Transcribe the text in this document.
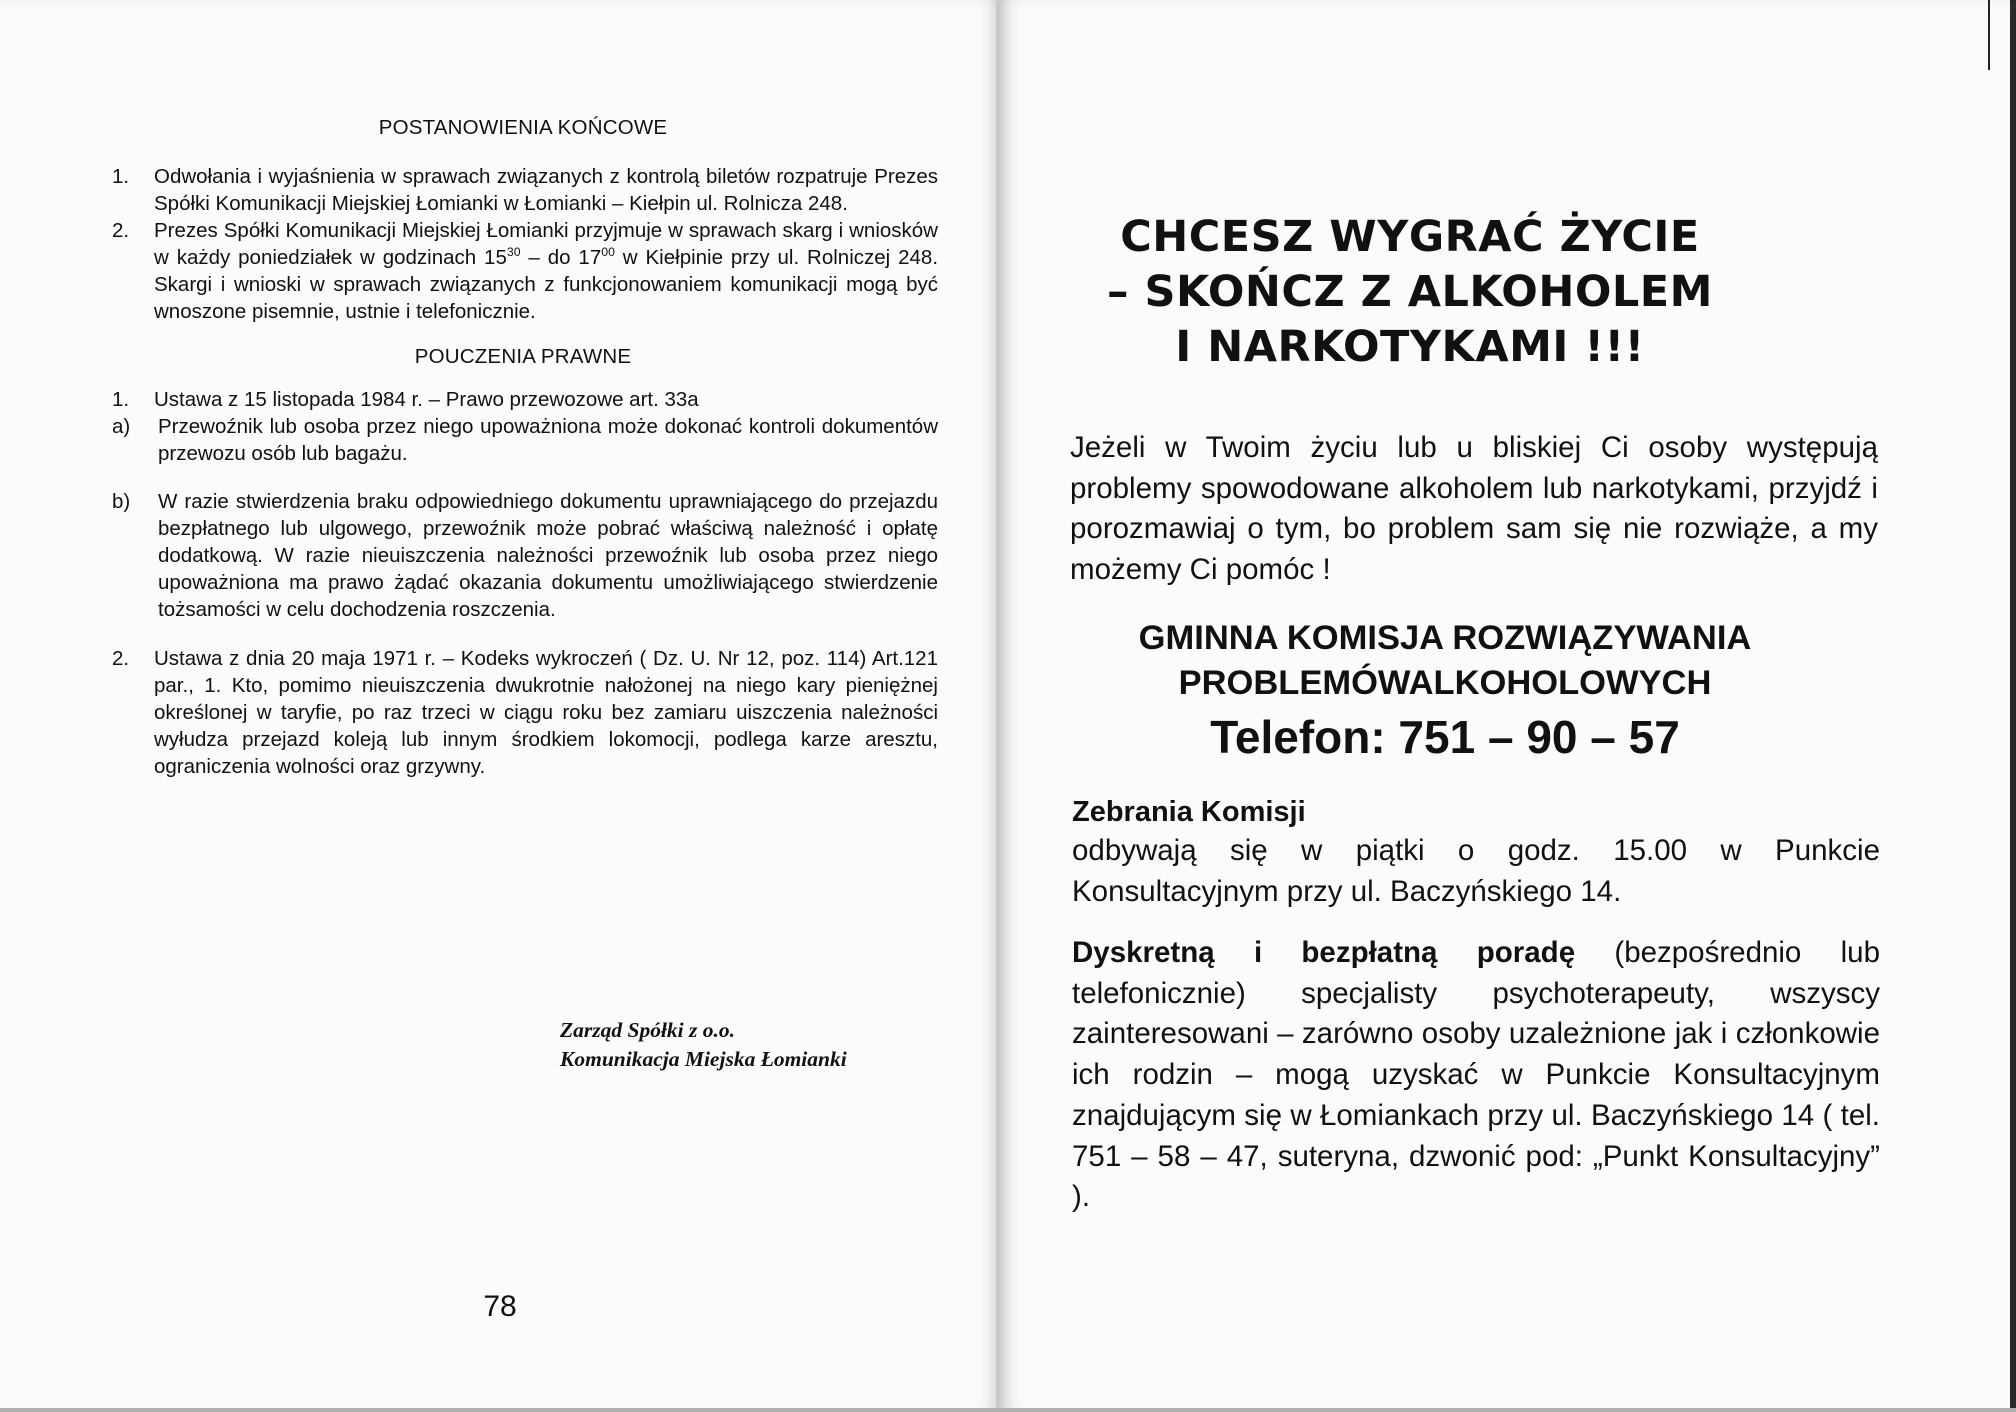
POSTANOWIENIA KOŃCOWE

1. Odwołania i wyjaśnienia w sprawach związanych z kontrolą biletów rozpatruje Prezes Spółki Komunikacji Miejskiej Łomianki w Łomianki – Kiełpin ul. Rolnicza 248.
2. Prezes Spółki Komunikacji Miejskiej Łomianki przyjmuje w sprawach skarg i wniosków w każdy poniedziałek w godzinach $15^{30}$ – do $17^{00}$ w Kiełpinie przy ul. Rolniczej 248. Skargi i wnioski w sprawach związanych z funkcjonowaniem komunikacji mogą być wnoszone pisemnie, ustnie i telefonicznie.

POUCZENIA PRAWNE

1. Ustawa z 15 listopada 1984 r. – Prawo przewozowe art. 33a
a) Przewoźnik lub osoba przez niego upoważniona może dokonać kontroli dokumentów przewozu osób lub bagażu.
b) W razie stwierdzenia braku odpowiedniego dokumentu uprawniającego do przejazdu bezpłatnego lub ulgowego, przewoźnik może pobrać właściwą należność i opłatę dodatkową. W razie nieuiszczenia należności przewoźnik lub osoba przez niego upoważniona ma prawo żądać okazania dokumentu umożliwiającego stwierdzenie tożsamości w celu dochodzenia roszczenia.
2. Ustawa z dnia 20 maja 1971 r. – Kodeks wykroczeń ( Dz. U. Nr 12, poz. 114) Art.121 par., 1. Kto, pomimo nieuiszczenia dwukrotnie nałożonej na niego kary pieniężnej określonej w taryfie, po raz trzeci w ciągu roku bez zamiaru uiszczenia należności wyłudza przejazd koleją lub innym środkiem lokomocji, podlega karze aresztu, ograniczenia wolności oraz grzywny.
Zarząd Spółki z o.o.
Komunikacja Miejska Łomianki
78
CHCESZ WYGRAĆ ŻYCIE
– SKOŃCZ Z ALKOHOLEM
I NARKOTYKAMI !!!
Jeżeli w Twoim życiu lub u bliskiej Ci osoby występują problemy spowodowane alkoholem lub narkotykami, przyjdź i porozmawiaj o tym, bo problem sam się nie rozwiąże, a my możemy Ci pomóc !
GMINNA KOMISJA ROZWIĄZYWANIA
PROBLEMÓWALKOHOLOWYCH
Telefon: 751 – 90 – 57
Zebrania Komisji
odbywają się w piątki o godz. 15.00 w Punkcie Konsultacyjnym przy ul. Baczyńskiego 14.
Dyskretną i bezpłatną poradę (bezpośrednio lub telefonicznie) specjalisty psychoterapeuty, wszyscy zainteresowani – zarówno osoby uzależnione jak i członkowie ich rodzin – mogą uzyskać w Punkcie Konsultacyjnym znajdującym się w Łomiankach przy ul. Baczyńskiego 14 ( tel. 751 – 58 – 47, suteryna, dzwonić pod: „Punkt Konsultacyjny” ).
